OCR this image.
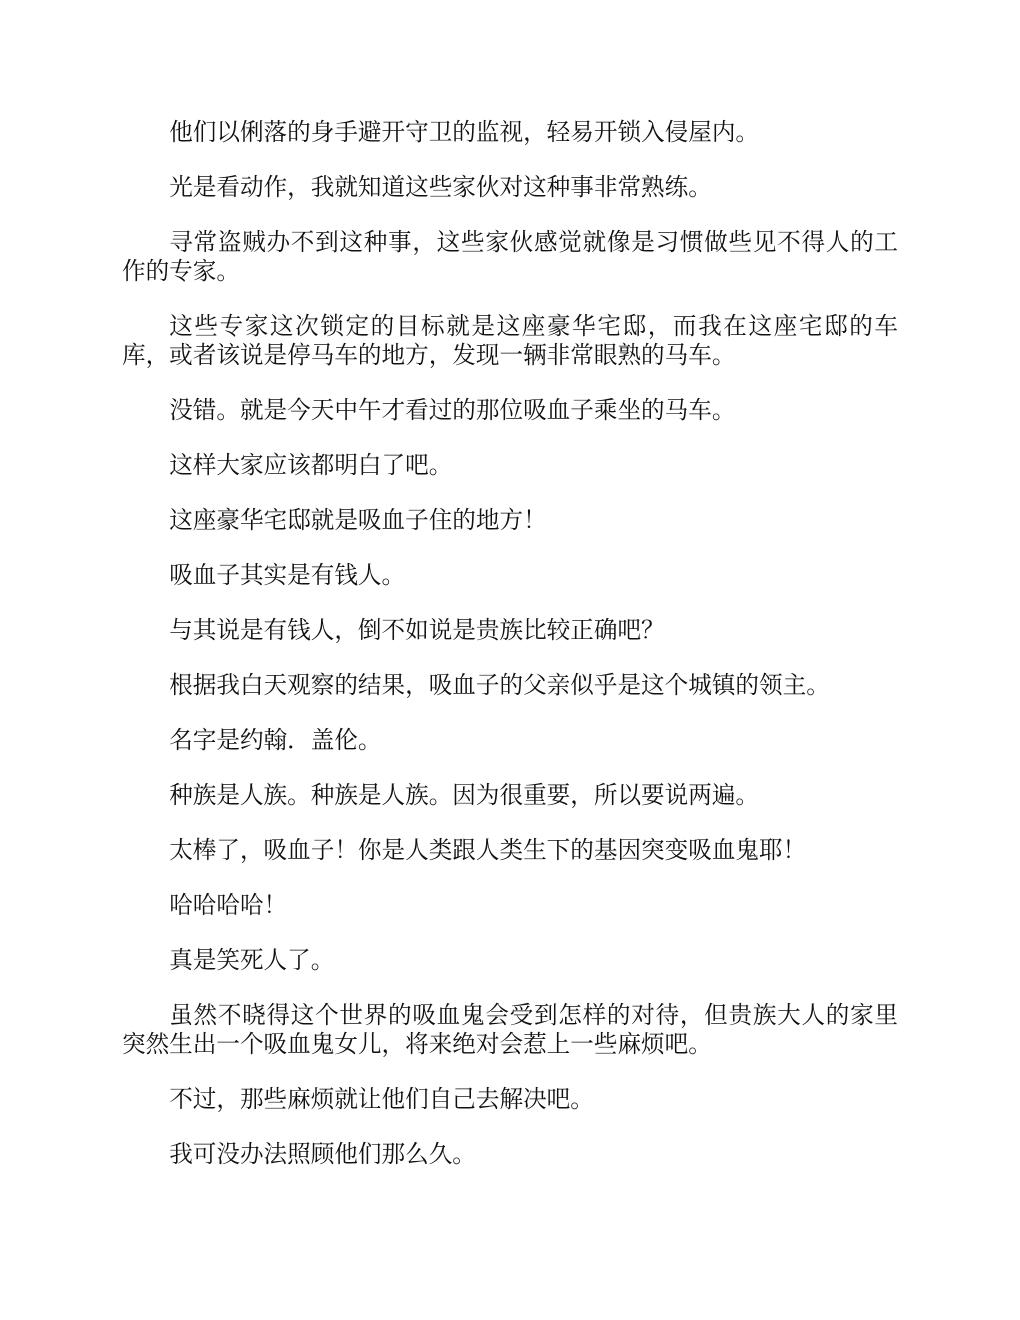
他们以俐落的身手避开守卫的监视，轻易开锁入侵屋内。

光是看动作，我就知道这些家伙对这种事非常熟练。

寻常盗贼办不到这种事，这些家伙感觉就像是习惯做些见不得人的工作的专家。

这些专家这次锁定的目标就是这座豪华宅邸，而我在这座宅邸的车库，或者该说是停马车的地方，发现一辆非常眼熟的马车。

没错。就是今天中午才看过的那位吸血子乘坐的马车。

这样大家应该都明白了吧。

这座豪华宅邸就是吸血子住的地方！

吸血子其实是有钱人。

与其说是有钱人，倒不如说是贵族比较正确吧？

根据我白天观察的结果，吸血子的父亲似乎是这个城镇的领主。

名字是约翰．盖伦。

种族是人族。种族是人族。因为很重要，所以要说两遍。

太棒了，吸血子！你是人类跟人类生下的基因突变吸血鬼耶！

哈哈哈哈！

真是笑死人了。

虽然不晓得这个世界的吸血鬼会受到怎样的对待，但贵族大人的家里突然生出一个吸血鬼女儿，将来绝对会惹上一些麻烦吧。

不过，那些麻烦就让他们自己去解决吧。

我可没办法照顾他们那么久。
